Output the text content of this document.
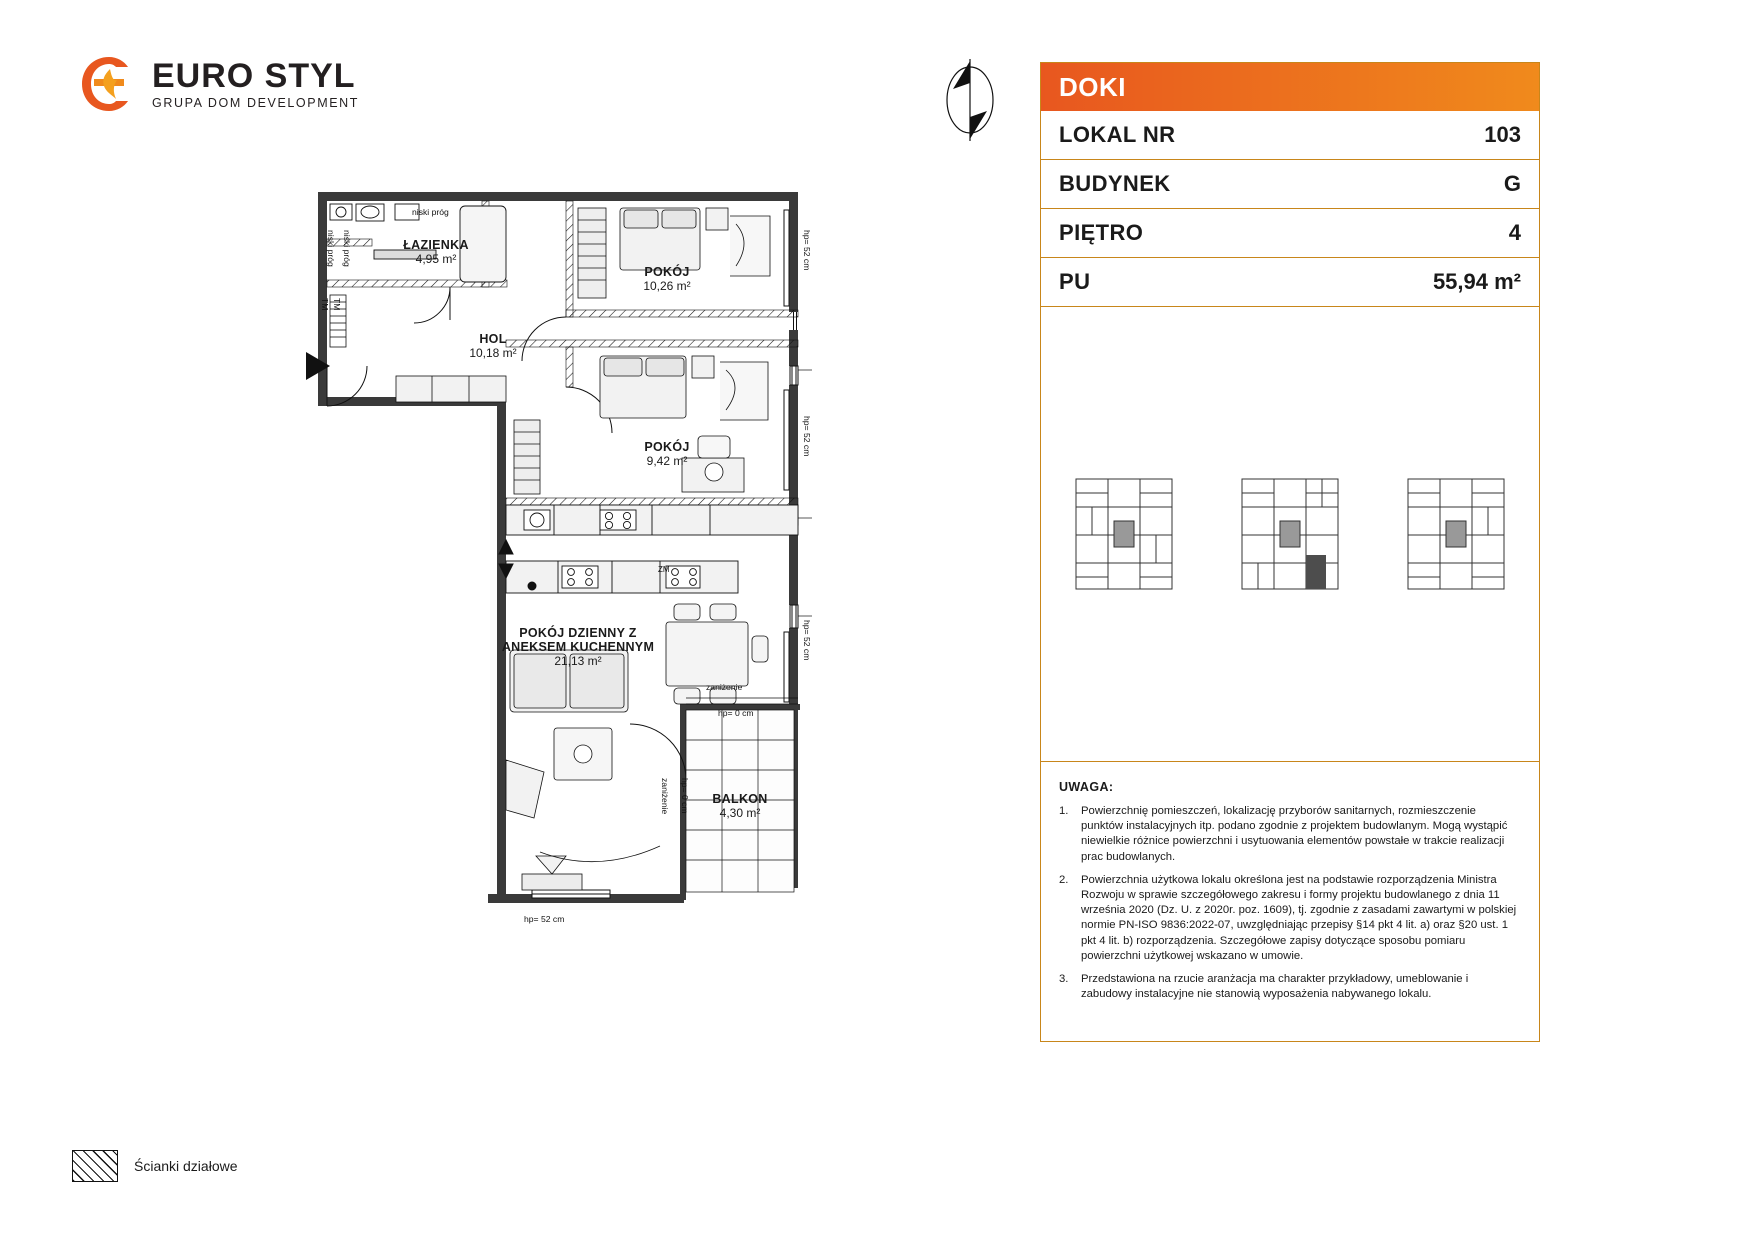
EURO STYL
GRUPA DOM DEVELOPMENT
DOKI
LOKAL NR	103
BUDYNEK	G
PIĘTRO	4
PU	55,94 m²
UWAGA:
1. Powierzchnię pomieszczeń, lokalizację przyborów sanitarnych, rozmieszczenie punktów instalacyjnych itp. podano zgodnie z projektem budowlanym. Mogą wystąpić niewielkie różnice powierzchni i usytuowania elementów powstałe w trakcie realizacji prac budowlanych.
2. Powierzchnia użytkowa lokalu określona jest na podstawie rozporządzenia Ministra Rozwoju w sprawie szczegółowego zakresu i formy projektu budowlanego z dnia 11 września 2020 (Dz. U. z 2020r. poz. 1609), tj. zgodnie z zasadami zawartymi w polskiej normie PN-ISO 9836:2022-07, uwzględniając przepisy §14 pkt 4 lit. a) oraz §20 ust. 1 pkt 4 lit. b) rozporządzenia. Szczegółowe zapisy dotyczące sposobu pomiaru powierzchni użytkowej wskazano w umowie.
3. Przedstawiona na rzucie aranżacja ma charakter przykładowy, umeblowanie i zabudowy instalacyjne nie stanowią wyposażenia nabywanego lokalu.
Ścianki działowe
ŁAZIENKA
4,95 m²
HOL
10,18 m²
POKÓJ
10,26 m²
POKÓJ
9,42 m²
POKÓJ DZIENNY Z
ANEKSEM KUCHENNYM
21,13 m²
BALKON
4,30 m²
niski próg
niski próg niski próg
TM TM
ZM
hp= 52 cm
hp= 52 cm
hp= 52 cm
zaniżenie
hp= 0 cm
zaniżenie hp= 0 cm
hp= 52 cm
